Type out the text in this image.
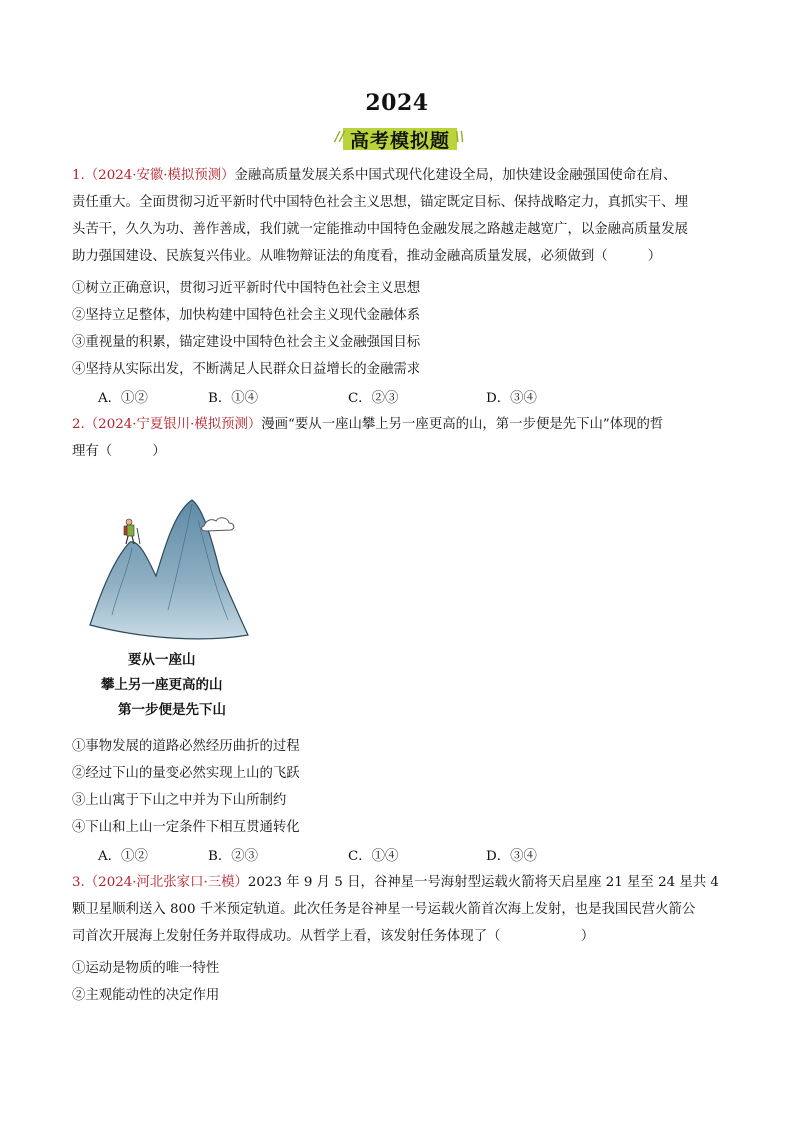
2024
//	\\
高考模拟题
1.（2024·安徽·模拟预测）金融高质量发展关系中国式现代化建设全局，加快建设金融强国使命在肩、
责任重大。全面贯彻习近平新时代中国特色社会主义思想，锚定既定目标、保持战略定力，真抓实干、埋
头苦干，久久为功、善作善成，我们就一定能推动中国特色金融发展之路越走越宽广，以金融高质量发展
助力强国建设、民族复兴伟业。从唯物辩证法的角度看，推动金融高质量发展，必须做到（　　　）
①树立正确意识，贯彻习近平新时代中国特色社会主义思想
②坚持立足整体，加快构建中国特色社会主义现代金融体系
③重视量的积累，锚定建设中国特色社会主义金融强国目标
④坚持从实际出发，不断满足人民群众日益增长的金融需求
A．①②	B．①④	C．②③	D．③④
2.（2024·宁夏银川·模拟预测）漫画“要从一座山攀上另一座更高的山，第一步便是先下山”体现的哲
理有（　　　）
要从一座山
攀上另一座更高的山
第一步便是先下山
①事物发展的道路必然经历曲折的过程
②经过下山的量变必然实现上山的飞跃
③上山寓于下山之中并为下山所制约
④下山和上山一定条件下相互贯通转化
A．①②	B．②③	C．①④	D．③④
3.（2024·河北张家口·三模）2023 年 9 月 5 日，谷神星一号海射型运载火箭将天启星座 21 星至 24 星共 4
颗卫星顺利送入 800 千米预定轨道。此次任务是谷神星一号运载火箭首次海上发射，也是我国民营火箭公
司首次开展海上发射任务并取得成功。从哲学上看，该发射任务体现了（　　　　　　）
①运动是物质的唯一特性
②主观能动性的决定作用
